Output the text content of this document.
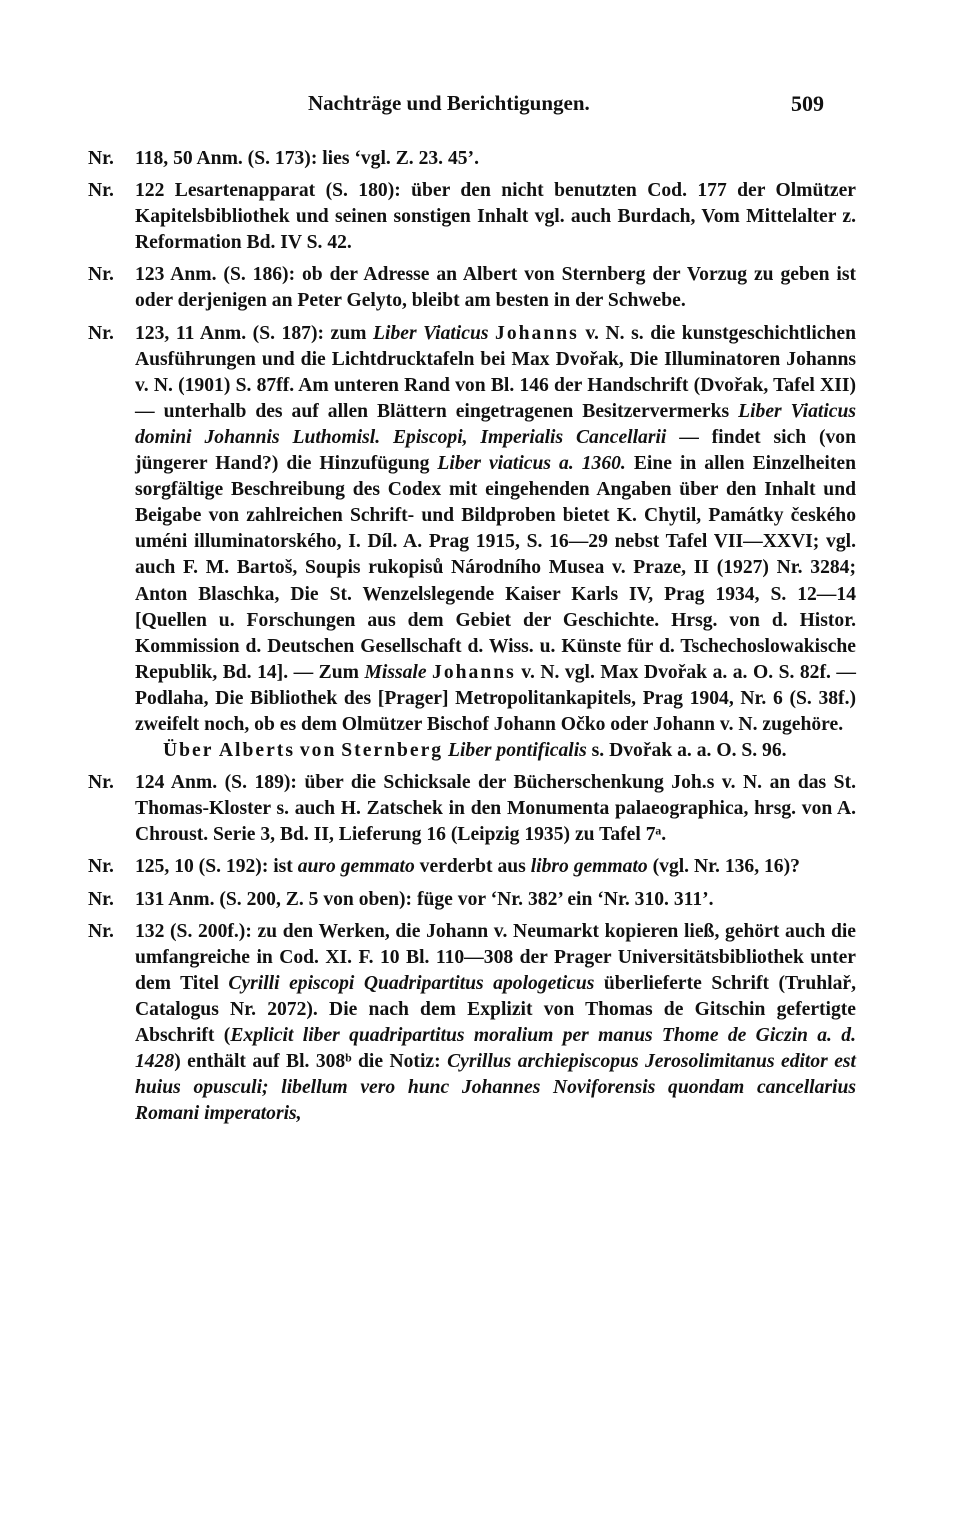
Nachträge und Berichtigungen.	509
Nr.	118, 50 Anm. (S. 173): lies ‘vgl. Z. 23. 45’.

Nr.	122 Lesartenapparat (S. 180): über den nicht benutzten Cod. 177 der Olmützer Kapitelsbibliothek und seinen sonstigen Inhalt vgl. auch Burdach, Vom Mittelalter z. Reformation Bd. IV S. 42.

Nr.	123 Anm. (S. 186): ob der Adresse an Albert von Sternberg der Vorzug zu geben ist oder derjenigen an Peter Gelyto, bleibt am besten in der Schwebe.

Nr.	123, 11 Anm. (S. 187): zum Liber Viaticus Johanns v. N. s. die kunstgeschichtlichen Ausführungen und die Lichtdrucktafeln bei Max Dvořak, Die Illuminatoren Johanns v. N. (1901) S. 87ff. Am unteren Rand von Bl. 146 der Handschrift (Dvořak, Tafel XII) — unterhalb des auf allen Blättern eingetragenen Besitzervermerks Liber Viaticus domini Johannis Luthomisl. Episcopi, Imperialis Cancellarii — findet sich (von jüngerer Hand?) die Hinzufügung Liber viaticus a. 1360. Eine in allen Einzelheiten sorgfältige Beschreibung des Codex mit eingehenden Angaben über den Inhalt und Beigabe von zahlreichen Schrift- und Bildproben bietet K. Chytil, Památky českého uméni illuminatorského, I. Díl. A. Prag 1915, S. 16—29 nebst Tafel VII—XXVI; vgl. auch F. M. Bartoš, Soupis rukopisů Národního Musea v. Praze, II (1927) Nr. 3284; Anton Blaschka, Die St. Wenzelslegende Kaiser Karls IV, Prag 1934, S. 12—14 [Quellen u. Forschungen aus dem Gebiet der Geschichte. Hrsg. von d. Histor. Kommission d. Deutschen Gesellschaft d. Wiss. u. Künste für d. Tschechoslowakische Republik, Bd. 14]. — Zum Missale Johanns v. N. vgl. Max Dvořak a. a. O. S. 82f. — Podlaha, Die Bibliothek des [Prager] Metropolitankapitels, Prag 1904, Nr. 6 (S. 38f.) zweifelt noch, ob es dem Olmützer Bischof Johann Očko oder Johann v. N. zugehöre.

Über Alberts von Sternberg Liber pontificalis s. Dvořak a. a. O. S. 96.

Nr.	124 Anm. (S. 189): über die Schicksale der Bücherschenkung Joh.s v. N. an das St. Thomas-Kloster s. auch H. Zatschek in den Monumenta palaeographica, hrsg. von A. Chroust. Serie 3, Bd. II, Lieferung 16 (Leipzig 1935) zu Tafel 7ᵃ.

Nr.	125, 10 (S. 192): ist auro gemmato verderbt aus libro gemmato (vgl. Nr. 136, 16)?

Nr.	131 Anm. (S. 200, Z. 5 von oben): füge vor ‘Nr. 382’ ein ‘Nr. 310. 311’.

Nr.	132 (S. 200f.): zu den Werken, die Johann v. Neumarkt kopieren ließ, gehört auch die umfangreiche in Cod. XI. F. 10 Bl. 110—308 der Prager Universitätsbibliothek unter dem Titel Cyrilli episcopi Quadripartitus apologeticus überlieferte Schrift (Truhlař, Catalogus Nr. 2072). Die nach dem Explizit von Thomas de Gitschin gefertigte Abschrift (Explicit liber quadripartitus moralium per manus Thome de Giczin a. d. 1428) enthält auf Bl. 308ᵇ die Notiz: Cyrillus archiepiscopus Jerosolimitanus editor est huius opusculi; libellum vero hunc Johannes Noviforensis quondam cancellarius Romani imperatoris,
